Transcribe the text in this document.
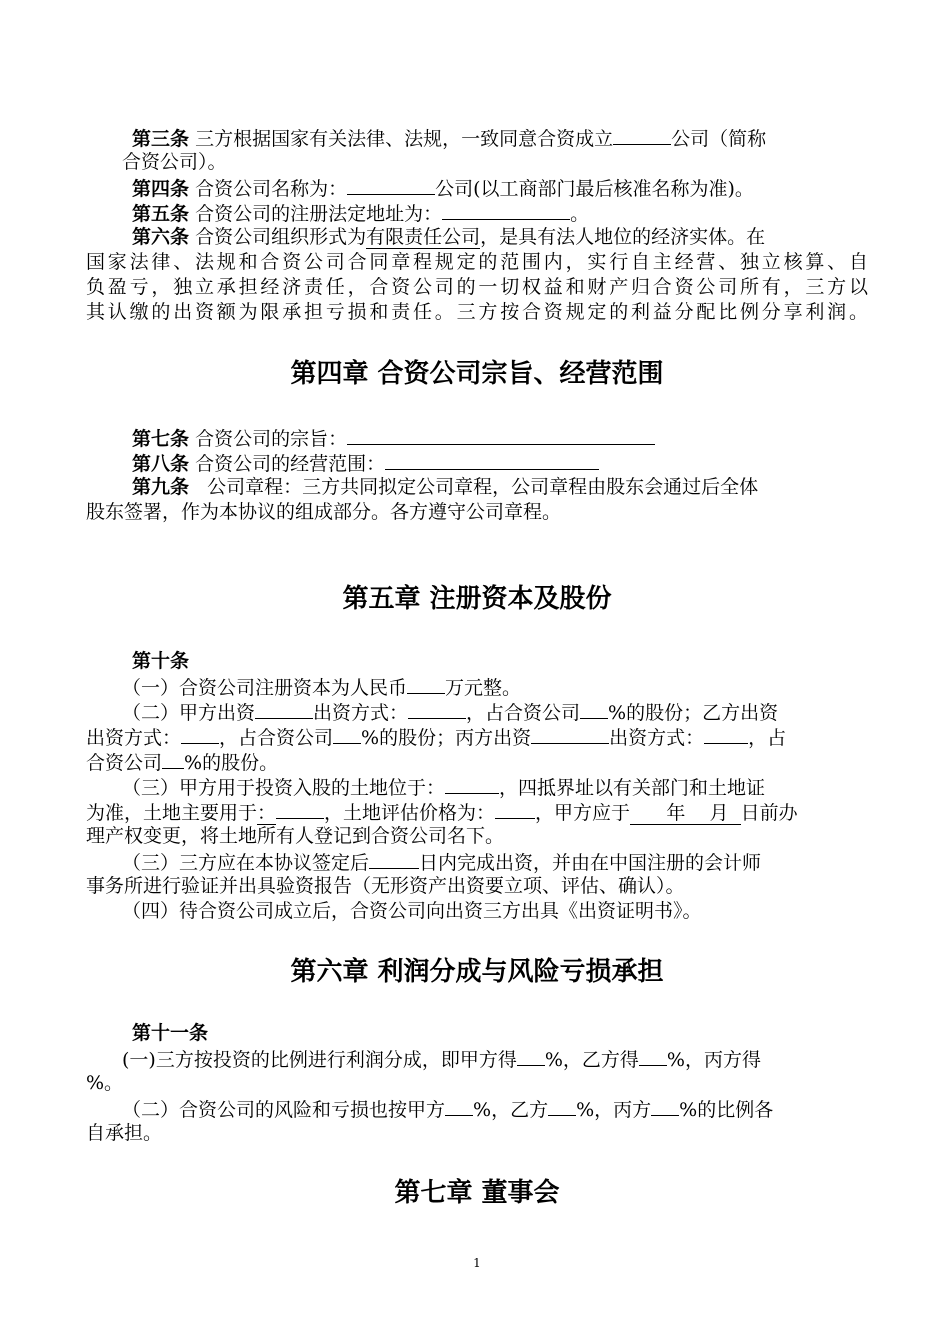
第三条 三方根据国家有关法律、法规，一致同意合资成立	公司（简称
合资公司）。
第四条 合资公司名称为：	公司(以工商部门最后核准名称为准)。
第五条 合资公司的注册法定地址为：	。
第六条 合资公司组织形式为有限责任公司，是具有法人地位的经济实体。在
国家法律、法规和合资公司合同章程规定的范围内，实行自主经营、独立核算、自
负盈亏，独立承担经济责任，合资公司的一切权益和财产归合资公司所有，三方以
其认缴的出资额为限承担亏损和责任。三方按合资规定的利益分配比例分享利润。
第四章 合资公司宗旨、经营范围
第七条 合资公司的宗旨：
第八条 合资公司的经营范围：
第九条 公司章程：三方共同拟定公司章程，公司章程由股东会通过后全体
股东签署，作为本协议的组成部分。各方遵守公司章程。
第五章 注册资本及股份
第十条
（一）合资公司注册资本为人民币 万元整。
（二）甲方出资	出资方式：	，占合资公司 %的股份；乙方出资
出资方式： ，占合资公司 %的股份；丙方出资	出资方式： ，占
合资公司 %的股份。
（三）甲方用于投资入股的土地位于：	，四抵界址以有关部门和土地证
为准，土地主要用于：	，土地评估价格为： ，甲方应于 年 月 日前办
理产权变更，将土地所有人登记到合资公司名下。
（三）三方应在本协议签定后	日内完成出资，并由在中国注册的会计师
事务所进行验证并出具验资报告（无形资产出资要立项、评估、确认）。
（四）待合资公司成立后，合资公司向出资三方出具《出资证明书》。
第六章 利润分成与风险亏损承担
第十一条
(一)三方按投资的比例进行利润分成，即甲方得 %，乙方得 %，丙方得
%。
（二）合资公司的风险和亏损也按甲方 %，乙方 %，丙方 %的比例各
自承担。
第七章 董事会
1
